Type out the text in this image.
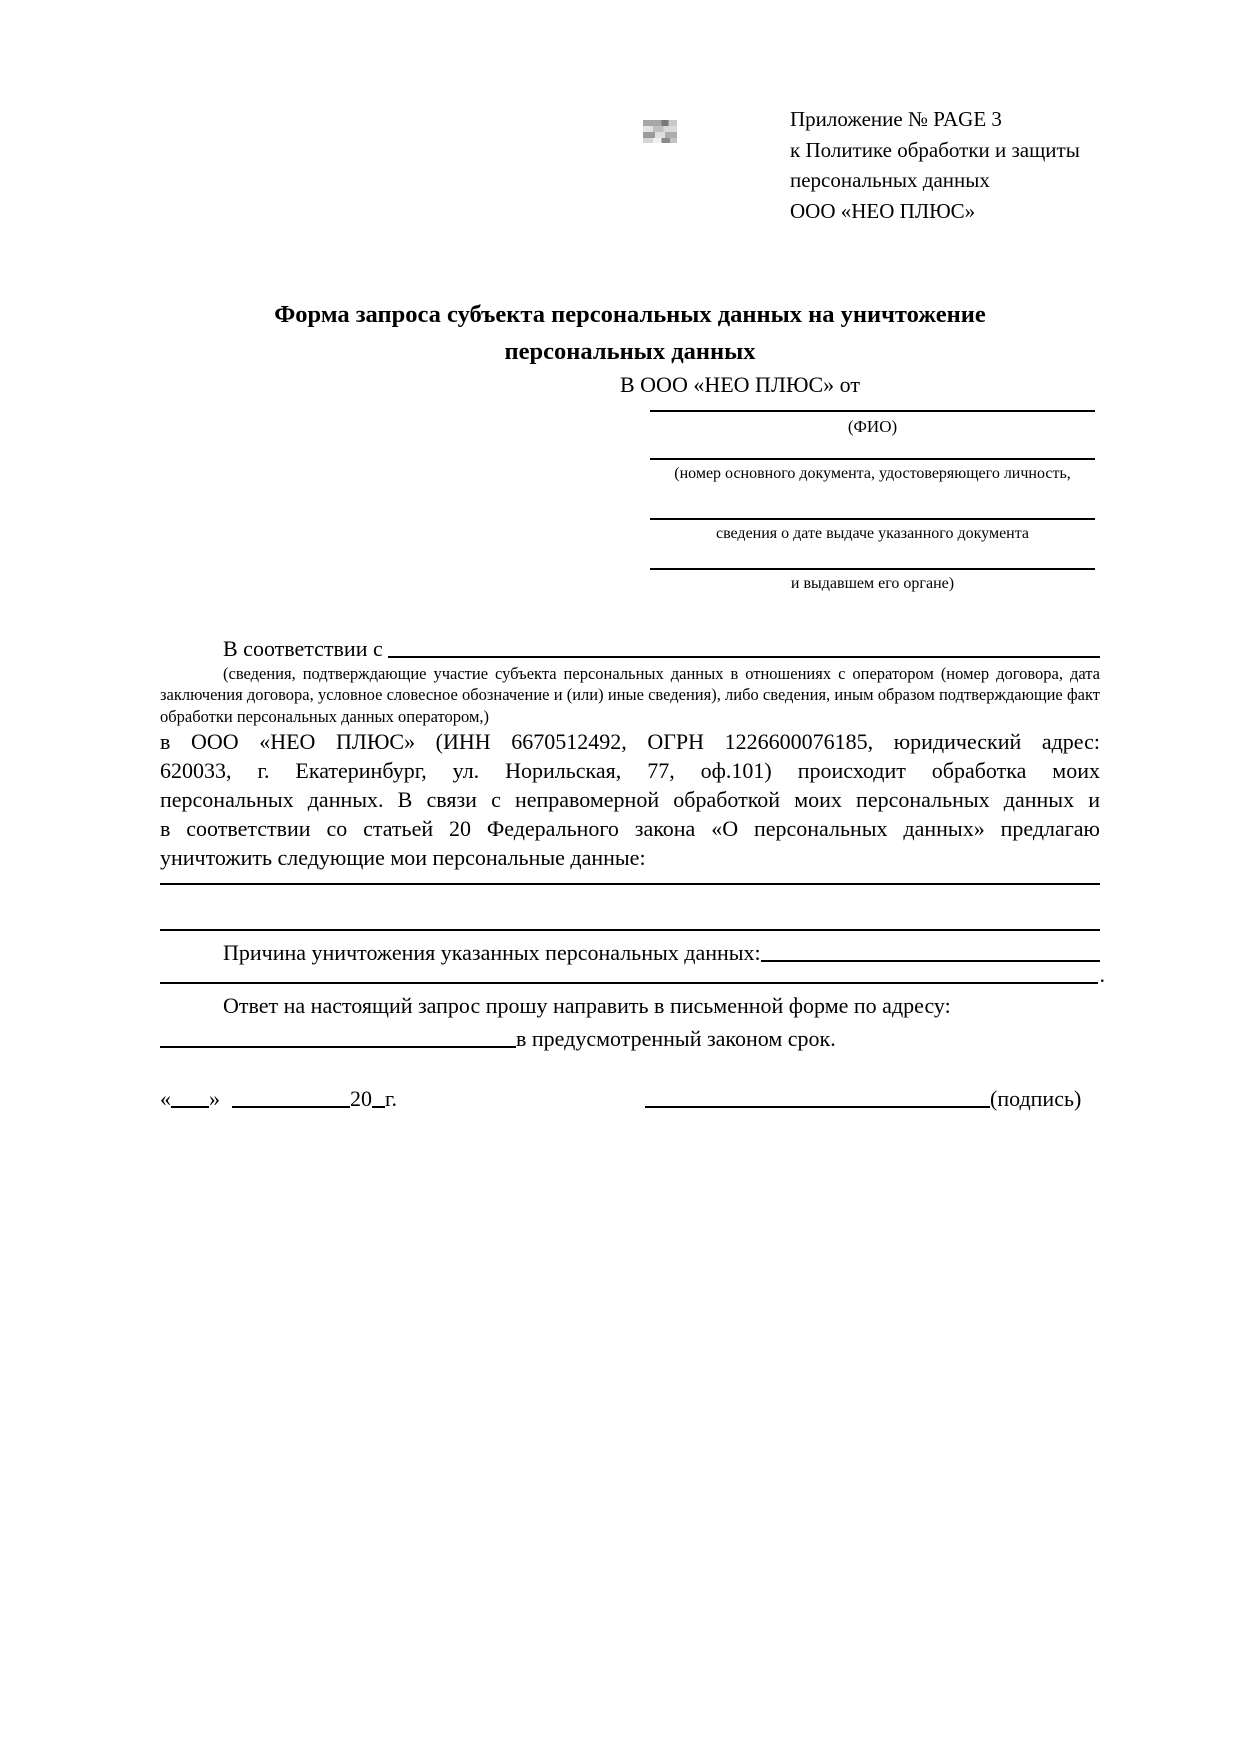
Приложение № PAGE 3
к Политике обработки и защиты
персональных данных
ООО «НЕО ПЛЮС»
Форма запроса субъекта персональных данных на уничтожение
персональных данных
В ООО «НЕО ПЛЮС» от
(ФИО)
(номер основного документа, удостоверяющего личность,
сведения о дате выдаче указанного документа
и выдавшем его органе)
В соответствии с
(сведения, подтверждающие участие субъекта персональных данных в отношениях с оператором (номер договора, дата
заключения договора, условное словесное обозначение и (или) иные сведения), либо сведения, иным образом подтверждающие факт
обработки персональных данных оператором,)
в ООО «НЕО ПЛЮС» (ИНН 6670512492, ОГРН 1226600076185, юридический адрес:
620033, г. Екатеринбург, ул. Норильская, 77, оф.101) происходит обработка моих
персональных данных. В связи с неправомерной обработкой моих персональных данных и
в соответствии со статьей 20 Федерального закона «О персональных данных» предлагаю
уничтожить следующие мои персональные данные:
Причина уничтожения указанных персональных данных:
.
Ответ на настоящий запрос прошу направить в письменной форме по адресу:
в предусмотренный законом срок.
« »	20 г.	(подпись)
